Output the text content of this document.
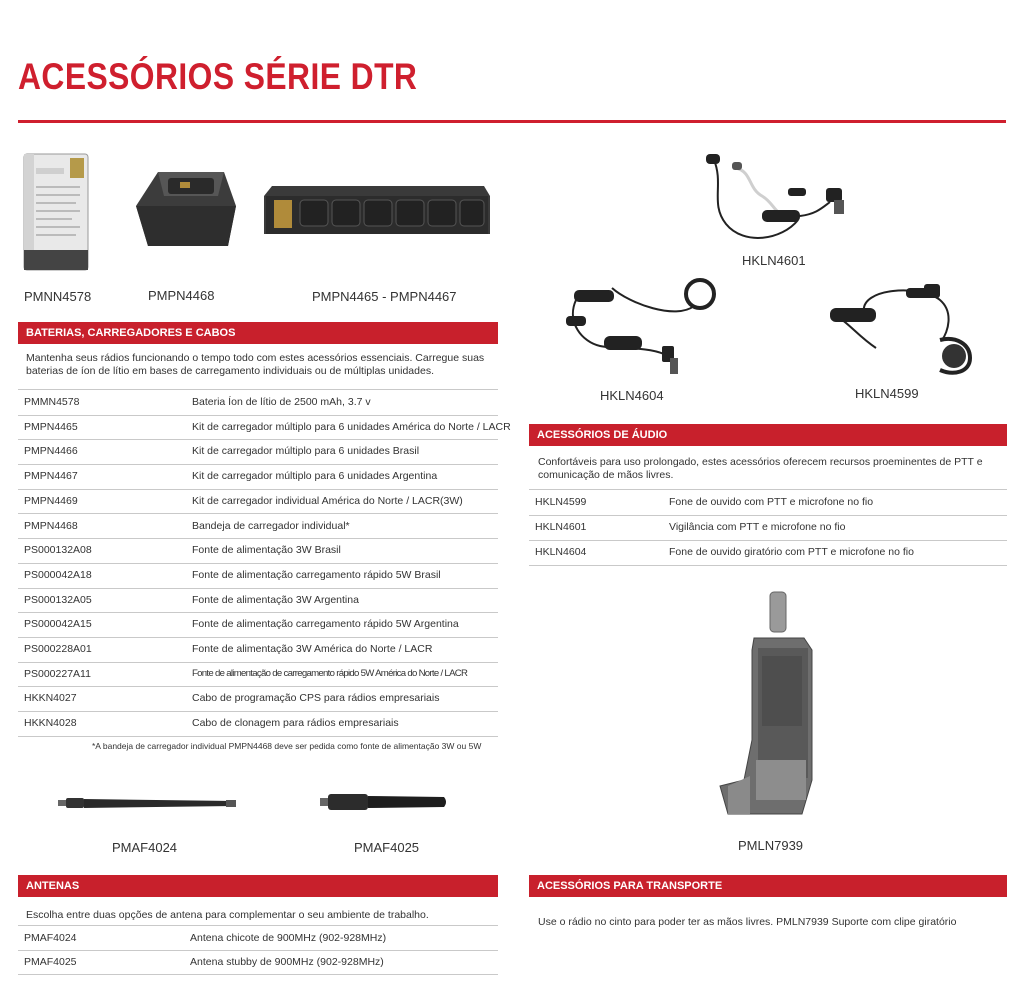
ACESSÓRIOS SÉRIE DTR
PMNN4578	PMPN4468	PMPN4465 - PMPN4467
BATERIAS, CARREGADORES E CABOS
Mantenha seus rádios funcionando o tempo todo com estes acessórios essenciais. Carregue suas baterias de íon de lítio em bases de carregamento individuais ou de múltiplas unidades.
PMMN4578	Bateria Íon de lítio de 2500 mAh, 3.7 v
PMPN4465	Kit de carregador múltiplo para 6 unidades América do Norte / LACR
PMPN4466	Kit de carregador múltiplo para 6 unidades Brasil
PMPN4467	Kit de carregador múltiplo para 6 unidades Argentina
PMPN4469	Kit de carregador individual América do Norte / LACR(3W)
PMPN4468	Bandeja de carregador individual*
PS000132A08	Fonte de alimentação 3W Brasil
PS000042A18	Fonte de alimentação carregamento rápido 5W Brasil
PS000132A05	Fonte de alimentação 3W Argentina
PS000042A15	Fonte de alimentação carregamento rápido 5W Argentina
PS000228A01	Fonte de alimentação 3W América do Norte / LACR
PS000227A11	Fonte de alimentação de carregamento rápido 5W América do Norte / LACR
HKKN4027	Cabo de programação CPS para rádios empresariais
HKKN4028	Cabo de clonagem para rádios empresariais
*A bandeja de carregador individual PMPN4468 deve ser pedida como fonte de alimentação 3W ou 5W
HKLN4601
HKLN4604	HKLN4599
ACESSÓRIOS DE ÁUDIO
Confortáveis para uso prolongado, estes acessórios oferecem recursos proeminentes de PTT e comunicação de mãos livres.
HKLN4599	Fone de ouvido com PTT e microfone no fio
HKLN4601	Vigilância com PTT e microfone no fio
HKLN4604	Fone de ouvido giratório com PTT e microfone no fio
PMLN7939
PMAF4024	PMAF4025
ANTENAS
Escolha entre duas opções de antena para complementar o seu ambiente de trabalho.
PMAF4024	Antena chicote de 900MHz (902-928MHz)
PMAF4025	Antena stubby de 900MHz (902-928MHz)
ACESSÓRIOS PARA TRANSPORTE
Use o rádio no cinto para poder ter as mãos livres. PMLN7939 Suporte com clipe giratório
